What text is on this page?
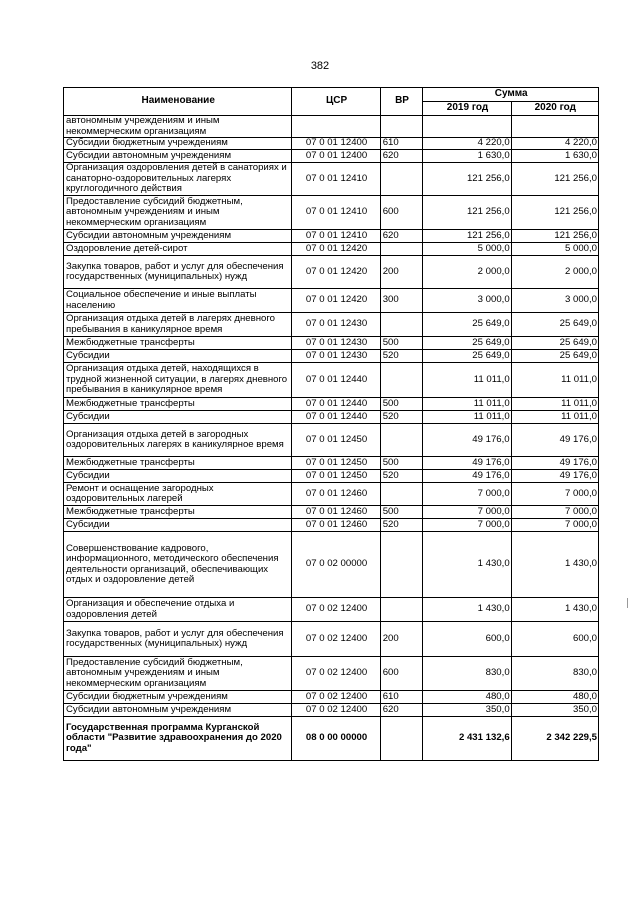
382
Наименование	ЦСР	ВР	Сумма	
			2019 год	2020 год
автономным учреждениям и иным некоммерческим организациям				
Субсидии бюджетным учреждениям	07 0 01 12400	610	4 220,0	4 220,0
Субсидии автономным учреждениям	07 0 01 12400	620	1 630,0	1 630,0
Организация оздоровления детей в санаториях и санаторно-оздоровительных лагерях круглогодичного действия	07 0 01 12410		121 256,0	121 256,0
Предоставление субсидий бюджетным, автономным учреждениям и иным некоммерческим организациям	07 0 01 12410	600	121 256,0	121 256,0
Субсидии автономным учреждениям	07 0 01 12410	620	121 256,0	121 256,0
Оздоровление детей-сирот	07 0 01 12420		5 000,0	5 000,0
Закупка товаров, работ и услуг для обеспечения государственных (муниципальных) нужд	07 0 01 12420	200	2 000,0	2 000,0
Социальное обеспечение и иные выплаты населению	07 0 01 12420	300	3 000,0	3 000,0
Организация отдыха детей в лагерях дневного пребывания в каникулярное время	07 0 01 12430		25 649,0	25 649,0
Межбюджетные трансферты	07 0 01 12430	500	25 649,0	25 649,0
Субсидии	07 0 01 12430	520	25 649,0	25 649,0
Организация отдыха детей, находящихся в трудной жизненной ситуации, в лагерях дневного пребывания в каникулярное время	07 0 01 12440		11 011,0	11 011,0
Межбюджетные трансферты	07 0 01 12440	500	11 011,0	11 011,0
Субсидии	07 0 01 12440	520	11 011,0	11 011,0
Организация отдыха детей в загородных оздоровительных лагерях в каникулярное время	07 0 01 12450		49 176,0	49 176,0
Межбюджетные трансферты	07 0 01 12450	500	49 176,0	49 176,0
Субсидии	07 0 01 12450	520	49 176,0	49 176,0
Ремонт и оснащение загородных оздоровительных лагерей	07 0 01 12460		7 000,0	7 000,0
Межбюджетные трансферты	07 0 01 12460	500	7 000,0	7 000,0
Субсидии	07 0 01 12460	520	7 000,0	7 000,0
Совершенствование кадрового, информационного, методического обеспечения деятельности организаций, обеспечивающих отдых и оздоровление детей	07 0 02 00000		1 430,0	1 430,0
Организация и обеспечение отдыха и оздоровления детей	07 0 02 12400		1 430,0	1 430,0
Закупка товаров, работ и услуг для обеспечения государственных (муниципальных) нужд	07 0 02 12400	200	600,0	600,0
Предоставление субсидий бюджетным, автономным учреждениям и иным некоммерческим организациям	07 0 02 12400	600	830,0	830,0
Субсидии бюджетным учреждениям	07 0 02 12400	610	480,0	480,0
Субсидии автономным учреждениям	07 0 02 12400	620	350,0	350,0
Государственная программа Курганской области "Развитие здравоохранения до 2020 года"	08 0 00 00000		2 431 132,6	2 342 229,5
